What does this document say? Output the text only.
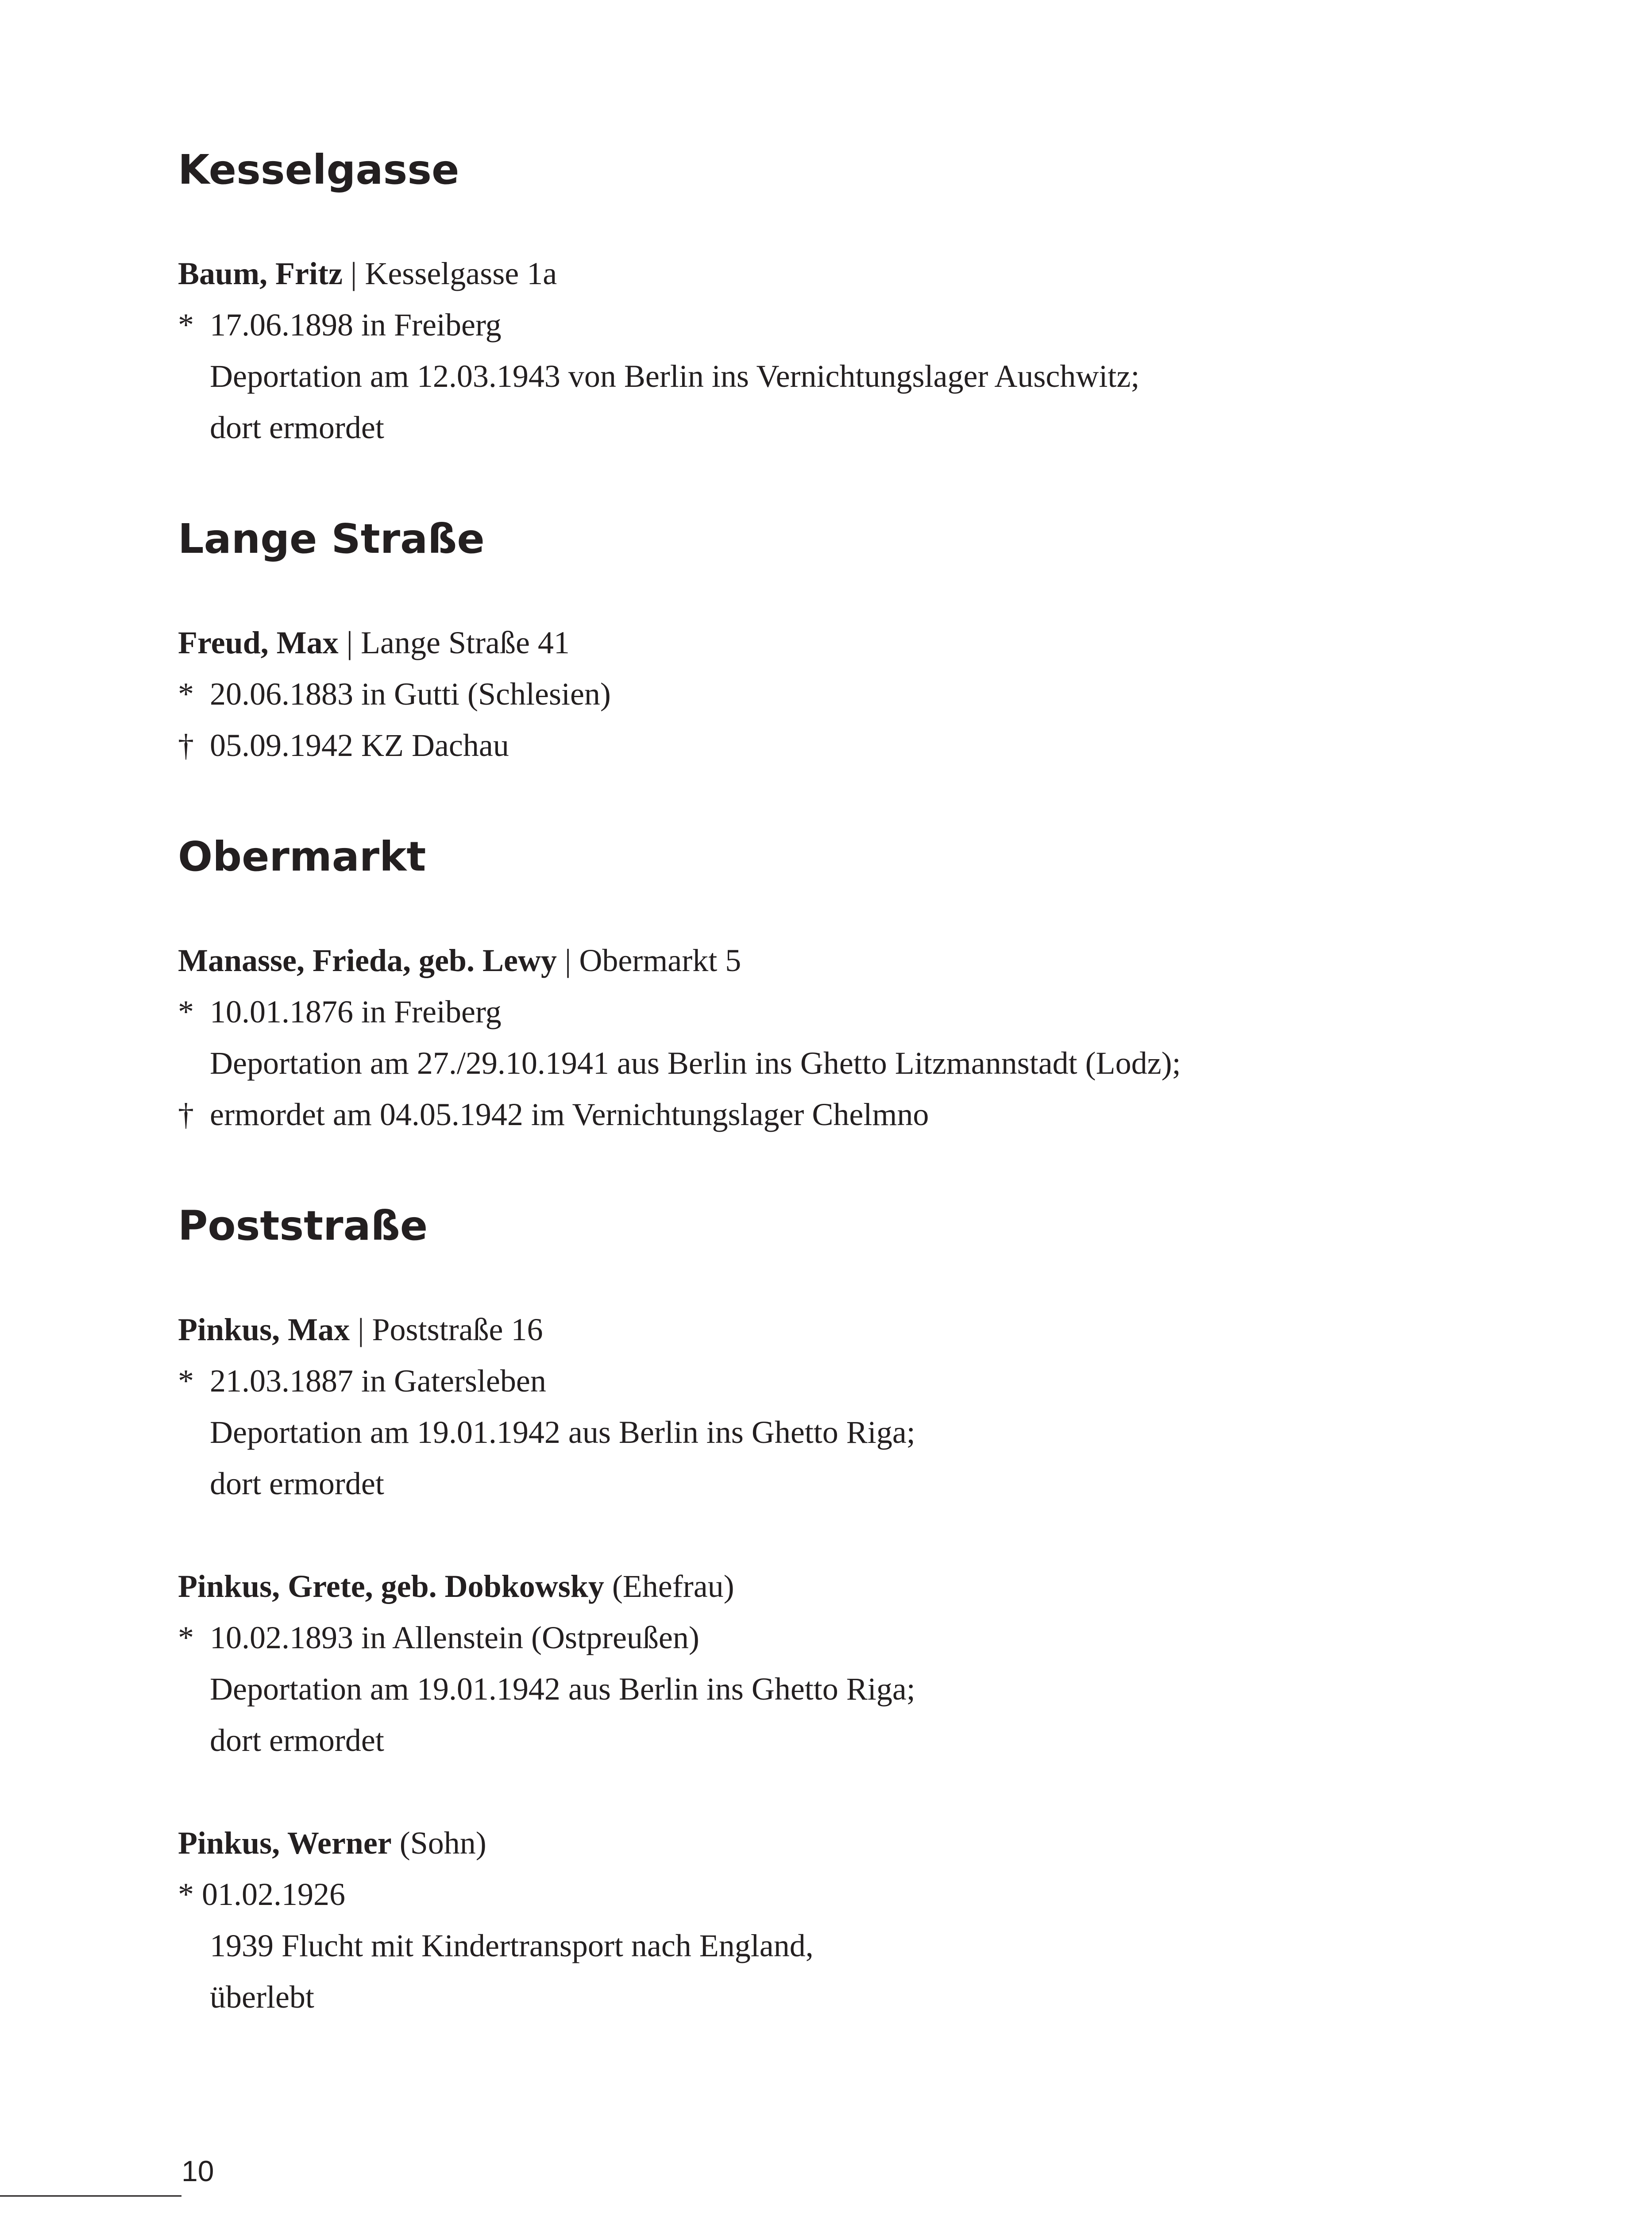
Kesselgasse
Baum, Fritz | Kesselgasse 1a
* 17.06.1898 in Freiberg
Deportation am 12.03.1943 von Berlin ins Vernichtungslager Auschwitz;
dort ermordet
Lange Straße
Freud, Max | Lange Straße 41
* 20.06.1883 in Gutti (Schlesien)
† 05.09.1942 KZ Dachau
Obermarkt
Manasse, Frieda, geb. Lewy | Obermarkt 5
* 10.01.1876 in Freiberg
Deportation am 27./29.10.1941 aus Berlin ins Ghetto Litzmannstadt (Lodz);
† ermordet am 04.05.1942 im Vernichtungslager Chelmno
Poststraße
Pinkus, Max | Poststraße 16
* 21.03.1887 in Gatersleben
Deportation am 19.01.1942 aus Berlin ins Ghetto Riga;
dort ermordet
Pinkus, Grete, geb. Dobkowsky (Ehefrau)
* 10.02.1893 in Allenstein (Ostpreußen)
Deportation am 19.01.1942 aus Berlin ins Ghetto Riga;
dort ermordet
Pinkus, Werner (Sohn)
* 01.02.1926
1939 Flucht mit Kindertransport nach England,
überlebt
10
